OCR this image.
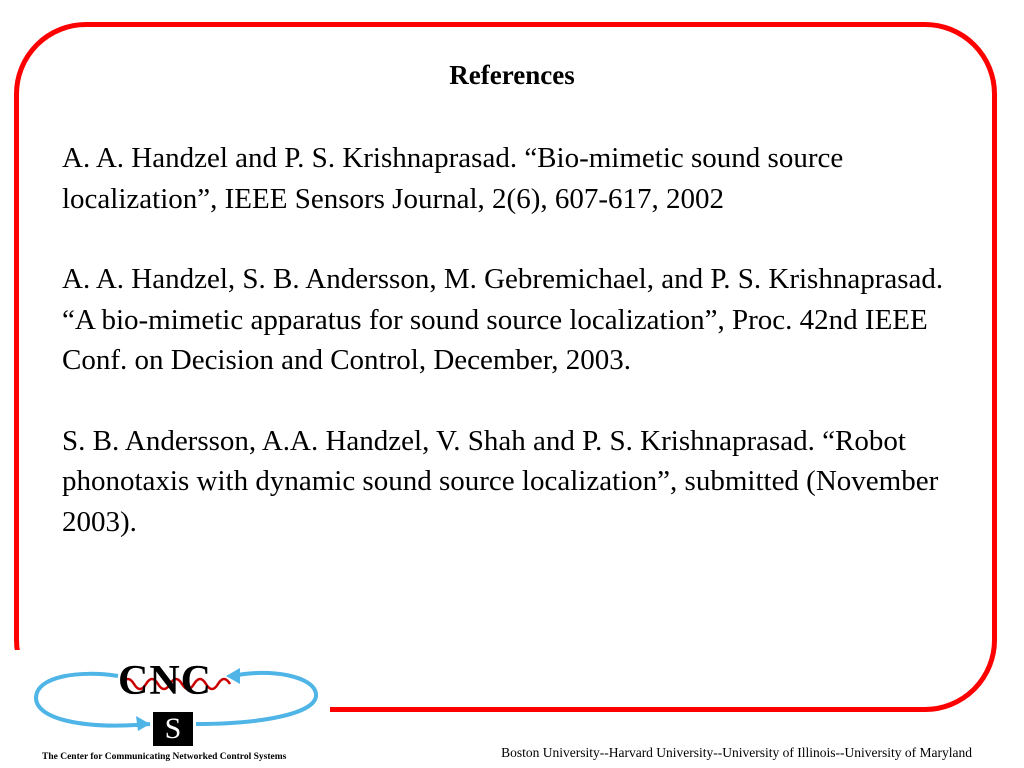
References

A. A. Handzel and P. S. Krishnaprasad. “Bio-mimetic sound source localization”, IEEE Sensors Journal, 2(6), 607-617, 2002

A. A. Handzel, S. B. Andersson, M. Gebremichael, and P. S. Krishnaprasad. “A bio-mimetic apparatus for sound source localization”, Proc. 42nd IEEE Conf. on Decision and Control, December, 2003.

S. B. Andersson, A.A. Handzel, V. Shah and P. S. Krishnaprasad. “Robot phonotaxis with dynamic sound source localization”, submitted (November 2003).

CNC
S
The Center for Communicating Networked Control Systems	Boston University--Harvard University--University of Illinois--University of Maryland
